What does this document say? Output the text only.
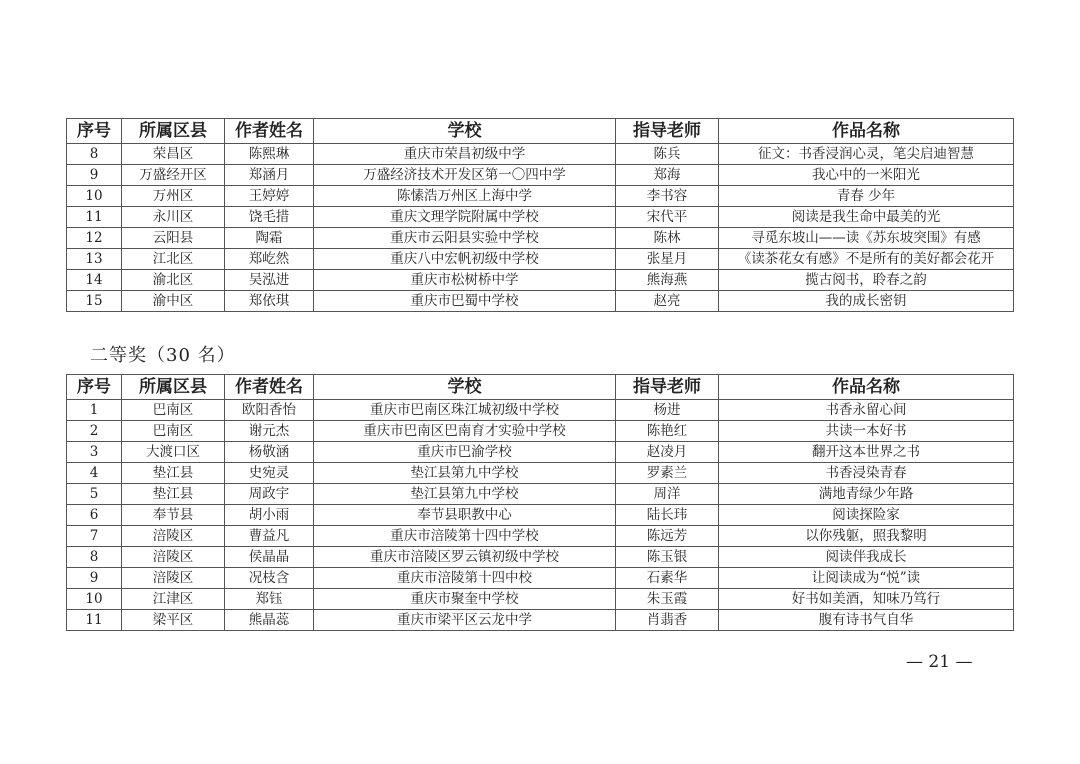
序号	所属区县	作者姓名	学校	指导老师	作品名称
8	荣昌区	陈熙琳	重庆市荣昌初级中学	陈兵	征文：书香浸润心灵，笔尖启迪智慧
9	万盛经开区	郑涵月	万盛经济技术开发区第一〇四中学	郑海	我心中的一米阳光
10	万州区	王婷婷	陈愫浩万州区上海中学	李书容	青春 少年
11	永川区	饶毛措	重庆文理学院附属中学校	宋代平	阅读是我生命中最美的光
12	云阳县	陶霜	重庆市云阳县实验中学校	陈林	寻觅东坡山——读《苏东坡突围》有感
13	江北区	郑屹然	重庆八中宏帆初级中学校	张星月	《读茶花女有感》不是所有的美好都会花开
14	渝北区	吴泓进	重庆市松树桥中学	熊海燕	揽古阅书，聆春之韵
15	渝中区	郑依琪	重庆市巴蜀中学校	赵亮	我的成长密钥
二等奖（30 名）
序号	所属区县	作者姓名	学校	指导老师	作品名称
1	巴南区	欧阳香怡	重庆市巴南区珠江城初级中学校	杨进	书香永留心间
2	巴南区	谢元杰	重庆市巴南区巴南育才实验中学校	陈艳红	共读一本好书
3	大渡口区	杨敬涵	重庆市巴渝学校	赵凌月	翻开这本世界之书
4	垫江县	史宛灵	垫江县第九中学校	罗素兰	书香浸染青春
5	垫江县	周政宇	垫江县第九中学校	周洋	满地青绿少年路
6	奉节县	胡小雨	奉节县职教中心	陆长玮	阅读探险家
7	涪陵区	曹益凡	重庆市涪陵第十四中学校	陈远芳	以你残躯，照我黎明
8	涪陵区	侯晶晶	重庆市涪陵区罗云镇初级中学校	陈玉银	阅读伴我成长
9	涪陵区	况枝含	重庆市涪陵第十四中校	石素华	让阅读成为“悦”读
10	江津区	郑钰	重庆市聚奎中学校	朱玉霞	好书如美酒，知味乃笃行
11	梁平区	熊晶蕊	重庆市梁平区云龙中学	肖翡香	腹有诗书气自华
— 21 —
